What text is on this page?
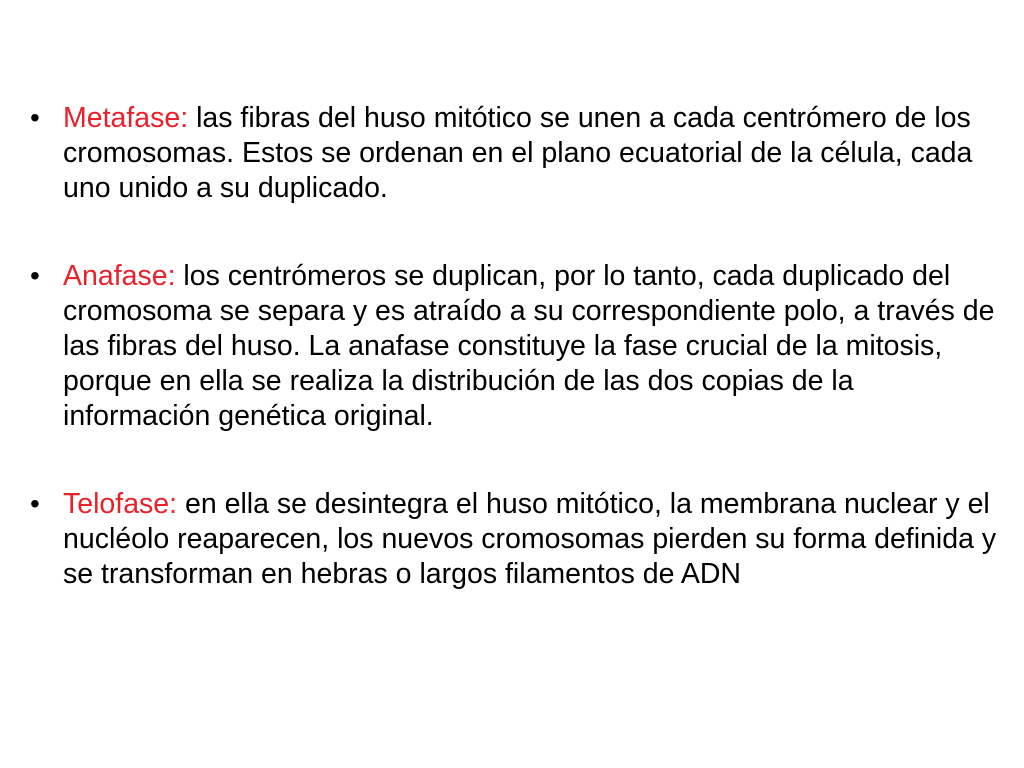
• Metafase: las fibras del huso mitótico se unen a cada centrómero de los cromosomas. Estos se ordenan en el plano ecuatorial de la célula, cada uno unido a su duplicado.
• Anafase: los centrómeros se duplican, por lo tanto, cada duplicado del cromosoma se separa y es atraído a su correspondiente polo, a través de las fibras del huso. La anafase constituye la fase crucial de la mitosis, porque en ella se realiza la distribución de las dos copias de la información genética original.
• Telofase: en ella se desintegra el huso mitótico, la membrana nuclear y el nucléolo reaparecen, los nuevos cromosomas pierden su forma definida y se transforman en hebras o largos filamentos de ADN
